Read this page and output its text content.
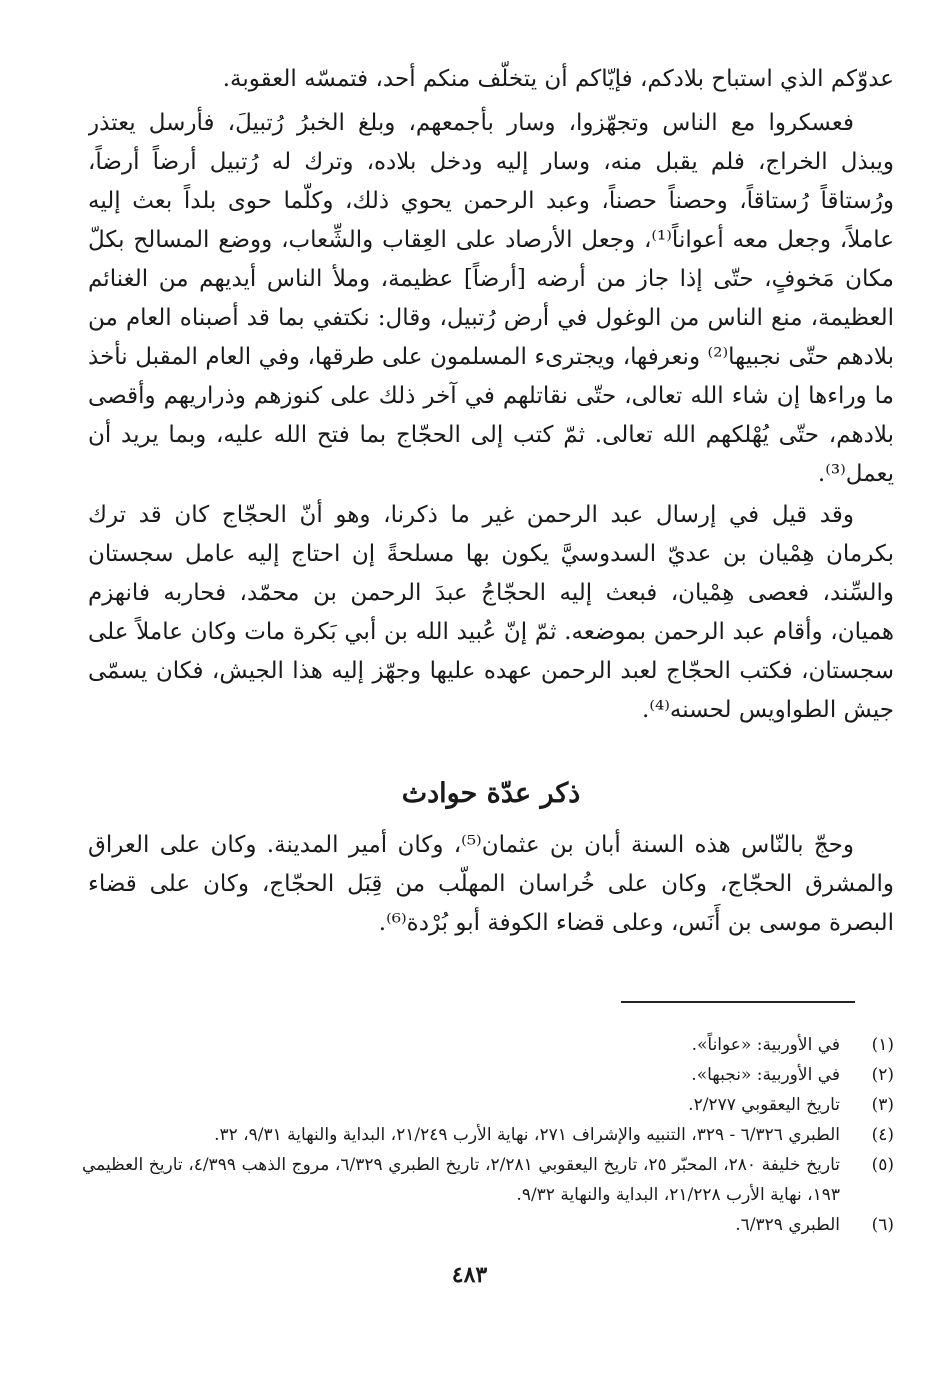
عدوّكم الذي استباح بلادكم، فإيّاكم أن يتخلّف منكم أحد، فتمسّه العقوبة.

فعسكروا مع الناس وتجهّزوا، وسار بأجمعهم، وبلغ الخبرُ رُتبيلَ، فأرسل يعتذر ويبذل الخراج، فلم يقبل منه، وسار إليه ودخل بلاده، وترك له رُتبيل أرضاً أرضاً، ورُستاقاً رُستاقاً، وحصناً حصناً، وعبد الرحمن يحوي ذلك، وكلّما حوى بلداً بعث إليه عاملاً، وجعل معه أعواناً⁽¹⁾، وجعل الأرصاد على العِقاب والشِّعاب، ووضع المسالح بكلّ مكان مَخوفٍ، حتّى إذا جاز من أرضه [أرضاً] عظيمة، وملأ الناس أيديهم من الغنائم العظيمة، منع الناس من الوغول في أرض رُتبيل، وقال: نكتفي بما قد أصبناه العام من بلادهم حتّى نجبيها⁽²⁾ ونعرفها، ويجترىء المسلمون على طرقها، وفي العام المقبل نأخذ ما وراءها إن شاء الله تعالى، حتّى نقاتلهم في آخر ذلك على كنوزهم وذراريهم وأقصى بلادهم، حتّى يُهْلكهم الله تعالى. ثمّ كتب إلى الحجّاج بما فتح الله عليه، وبما يريد أن يعمل⁽³⁾.

وقد قيل في إرسال عبد الرحمن غير ما ذكرنا، وهو أنّ الحجّاج كان قد ترك بكرمان هِمْيان بن عديّ السدوسيَّ يكون بها مسلحةً إن احتاج إليه عامل سجستان والسِّند، فعصى هِمْيان، فبعث إليه الحجّاجُ عبدَ الرحمن بن محمّد، فحاربه فانهزم هميان، وأقام عبد الرحمن بموضعه. ثمّ إنّ عُبيد الله بن أبي بَكرة مات وكان عاملاً على سجستان، فكتب الحجّاج لعبد الرحمن عهده عليها وجهّز إليه هذا الجيش، فكان يسمّى جيش الطواويس لحسنه⁽⁴⁾.

ذكر عدّة حوادث

وحجّ بالنّاس هذه السنة أبان بن عثمان⁽⁵⁾، وكان أمير المدينة. وكان على العراق والمشرق الحجّاج، وكان على خُراسان المهلّب من قِبَل الحجّاج، وكان على قضاء البصرة موسى بن أَنَس، وعلى قضاء الكوفة أبو بُرْدة⁽⁶⁾.

(١)
في الأوربية: «عواناً».
(٢)
في الأوربية: «نجبها».
(٣)
تاريخ اليعقوبي ٢/٢٧٧.
(٤)
الطبري ٦/٣٢٦ - ٣٢٩، التنبيه والإشراف ٢٧١، نهاية الأرب ٢١/٢٤٩، البداية والنهاية ٩/٣١، ٣٢.
(٥)
تاريخ خليفة ٢٨٠، المحبّر ٢٥، تاريخ اليعقوبي ٢/٢٨١، تاريخ الطبري ٦/٣٢٩، مروج الذهب ٤/٣٩٩، تاريخ العظيمي ١٩٣، نهاية الأرب ٢١/٢٢٨، البداية والنهاية ٩/٣٢.
(٦)
الطبري ٦/٣٢٩.
٤٨٣
